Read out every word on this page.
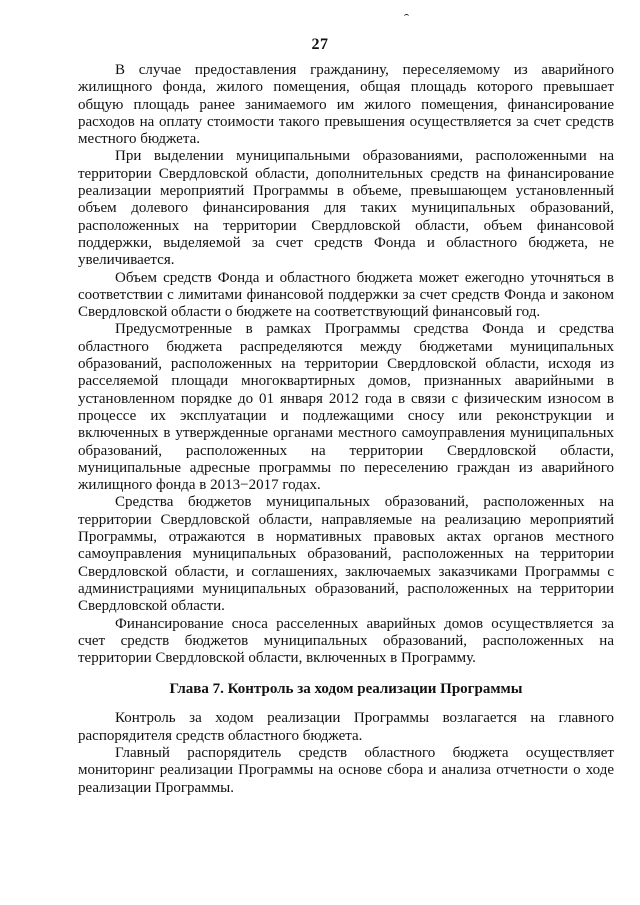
27

В случае предоставления гражданину, переселяемому из аварийного жилищного фонда, жилого помещения, общая площадь которого превышает общую площадь ранее занимаемого им жилого помещения, финансирование расходов на оплату стоимости такого превышения осуществляется за счет средств местного бюджета.

При выделении муниципальными образованиями, расположенными на территории Свердловской области, дополнительных средств на финансирование реализации мероприятий Программы в объеме, превышающем установленный объем долевого финансирования для таких муниципальных образований, расположенных на территории Свердловской области, объем финансовой поддержки, выделяемой за счет средств Фонда и областного бюджета, не увеличивается.

Объем средств Фонда и областного бюджета может ежегодно уточняться в соответствии с лимитами финансовой поддержки за счет средств Фонда и законом Свердловской области о бюджете на соответствующий финансовый год.

Предусмотренные в рамках Программы средства Фонда и средства областного бюджета распределяются между бюджетами муниципальных образований, расположенных на территории Свердловской области, исходя из расселяемой площади многоквартирных домов, признанных аварийными в установленном порядке до 01 января 2012 года в связи с физическим износом в процессе их эксплуатации и подлежащими сносу или реконструкции и включенных в утвержденные органами местного самоуправления муниципальных образований, расположенных на территории Свердловской области, муниципальные адресные программы по переселению граждан из аварийного жилищного фонда в 2013−2017 годах.

Средства бюджетов муниципальных образований, расположенных на территории Свердловской области, направляемые на реализацию мероприятий Программы, отражаются в нормативных правовых актах органов местного самоуправления муниципальных образований, расположенных на территории Свердловской области, и соглашениях, заключаемых заказчиками Программы с администрациями муниципальных образований, расположенных на территории Свердловской области.

Финансирование сноса расселенных аварийных домов осуществляется за счет средств бюджетов муниципальных образований, расположенных на территории Свердловской области, включенных в Программу.

Глава 7. Контроль за ходом реализации Программы

Контроль за ходом реализации Программы возлагается на главного распорядителя средств областного бюджета.

Главный распорядитель средств областного бюджета осуществляет мониторинг реализации Программы на основе сбора и анализа отчетности о ходе реализации Программы.
